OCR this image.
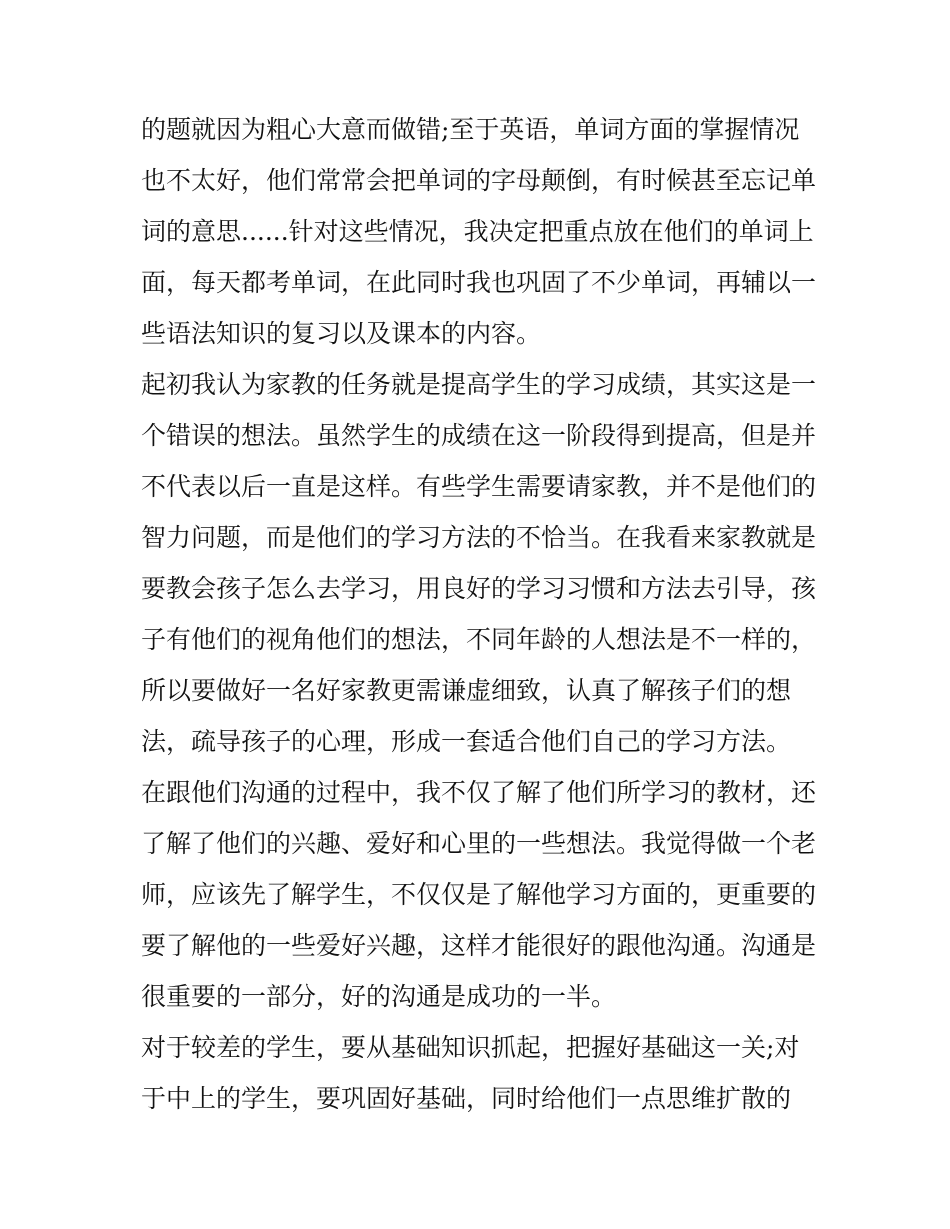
的题就因为粗心大意而做错;至于英语，单词方面的掌握情况
也不太好，他们常常会把单词的字母颠倒，有时候甚至忘记单
词的意思......针对这些情况，我决定把重点放在他们的单词上
面，每天都考单词，在此同时我也巩固了不少单词，再辅以一
些语法知识的复习以及课本的内容。
起初我认为家教的任务就是提高学生的学习成绩，其实这是一
个错误的想法。虽然学生的成绩在这一阶段得到提高，但是并
不代表以后一直是这样。有些学生需要请家教，并不是他们的
智力问题，而是他们的学习方法的不恰当。在我看来家教就是
要教会孩子怎么去学习，用良好的学习习惯和方法去引导，孩
子有他们的视角他们的想法，不同年龄的人想法是不一样的，
所以要做好一名好家教更需谦虚细致，认真了解孩子们的想
法，疏导孩子的心理，形成一套适合他们自己的学习方法。
在跟他们沟通的过程中，我不仅了解了他们所学习的教材，还
了解了他们的兴趣、爱好和心里的一些想法。我觉得做一个老
师，应该先了解学生，不仅仅是了解他学习方面的，更重要的
要了解他的一些爱好兴趣，这样才能很好的跟他沟通。沟通是
很重要的一部分，好的沟通是成功的一半。
对于较差的学生，要从基础知识抓起，把握好基础这一关;对
于中上的学生，要巩固好基础，同时给他们一点思维扩散的
